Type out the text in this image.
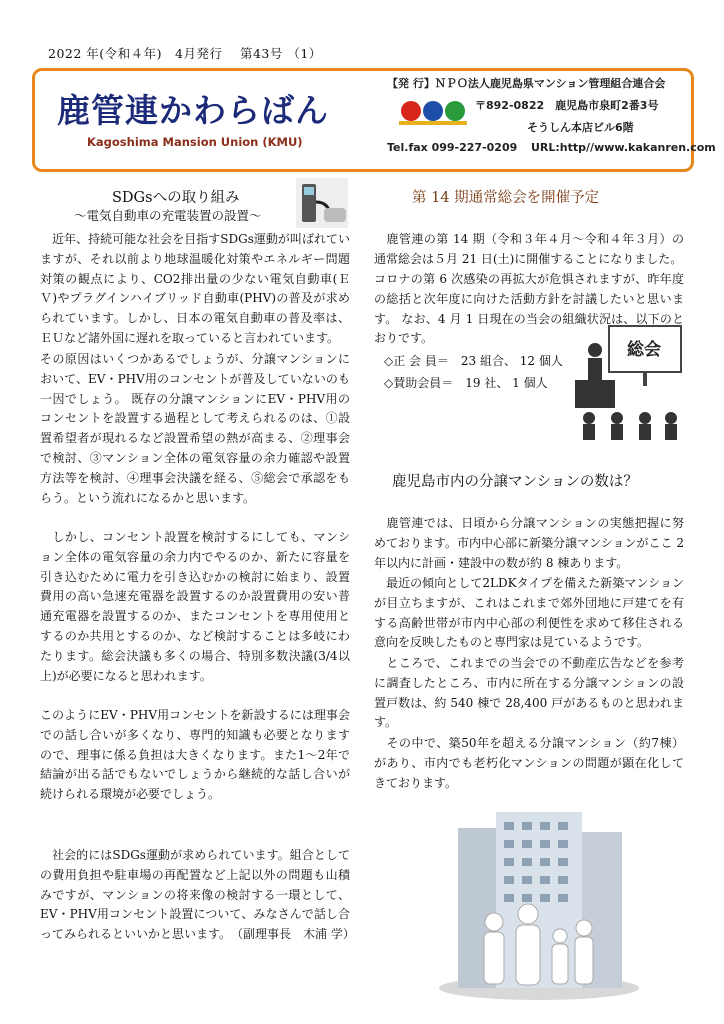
2022 年(令和４年)　4月発行　 第43号 （1）
鹿管連かわらばん
Kagoshima Mansion Union (KMU)
【発 行】ＮＰＯ法人鹿児島県マンション管理組合連合会
〒892-0822　鹿児島市泉町2番3号
そうしん本店ビル6階
Tel.fax 099-227-0209 URL:http//www.kakanren.com
SDGsへの取り組み
～電気自動車の充電装置の設置～

　近年、持続可能な社会を目指すSDGs運動が叫ばれていますが、それ以前より地球温暖化対策やエネルギー問題対策の観点により、CO2排出量の少ない電気自動車(ＥＶ)やプラグインハイブリッド自動車(PHV)の普及が求められています。しかし、日本の電気自動車の普及率は、ＥＵなど諸外国に遅れを取っていると言われています。

その原因はいくつかあるでしょうが、分譲マンションにおいて、EV・PHV用のコンセントが普及していないのも一因でしょう。 既存の分譲マンションにEV・PHV用のコンセントを設置する過程として考えられるのは、①設置希望者が現れるなど設置希望の熱が高まる、②理事会で検討、③マンション全体の電気容量の余力確認や設置方法等を検討、④理事会決議を経る、⑤総会で承認をもらう。という流れになるかと思います。

　しかし、コンセント設置を検討するにしても、マンション全体の電気容量の余力内でやるのか、新たに容量を引き込むために電力を引き込むかの検討に始まり、設置費用の高い急速充電器を設置するのか設置費用の安い普通充電器を設置するのか、またコンセントを専用使用とするのか共用とするのか、など検討することは多岐にわたります。総会決議も多くの場合、特別多数決議(3/4以上)が必要になると思われます。

このようにEV・PHV用コンセントを新設するには理事会での話し合いが多くなり、専門的知識も必要となりますので、理事に係る負担は大きくなります。また1～2年で結論が出る話でもないでしょうから継続的な話し合いが続けられる環境が必要でしょう。

　社会的にはSDGs運動が求められています。組合としての費用負担や駐車場の再配置など上記以外の問題も山積みですが、マンションの将来像の検討する一環として、EV・PHV用コンセント設置について、みなさんで話し合ってみられるといいかと思います。　（副理事長　木浦 学）

第 14 期通常総会を開催予定

　鹿管連の第 14 期（令和３年４月～令和４年３月）の通常総会は５月 21 日(土)に開催することになりました。

コロナの第 6 次感染の再拡大が危惧されますが、昨年度の総括と次年度に向けた活動方針を討議したいと思います。 なお、4 月 1 日現在の当会の組織状況は、以下のとおりです。

◇正 会 員＝　23 組合、 12 個人
◇賛助会員＝　19 社、 1 個人
総会
鹿児島市内の分譲マンションの数は？

　鹿管連では、日頃から分譲マンションの実態把握に努めております。市内中心部に新築分譲マンションがここ 2 年以内に計画・建設中の数が約 8 棟あります。

　最近の傾向として2LDKタイプを備えた新築マンションが目立ちますが、これはこれまで郊外団地に戸建てを有する高齢世帯が市内中心部の利便性を求めて移住される意向を反映したものと専門家は見ているようです。

　ところで、これまでの当会での不動産広告などを参考に調査したところ、市内に所在する分譲マンションの設置戸数は、約 540 棟で 28,400 戸があるものと思われます。

　その中で、築50年を超える分譲マンション（約7棟）があり、市内でも老朽化マンションの問題が顕在化してきております。
